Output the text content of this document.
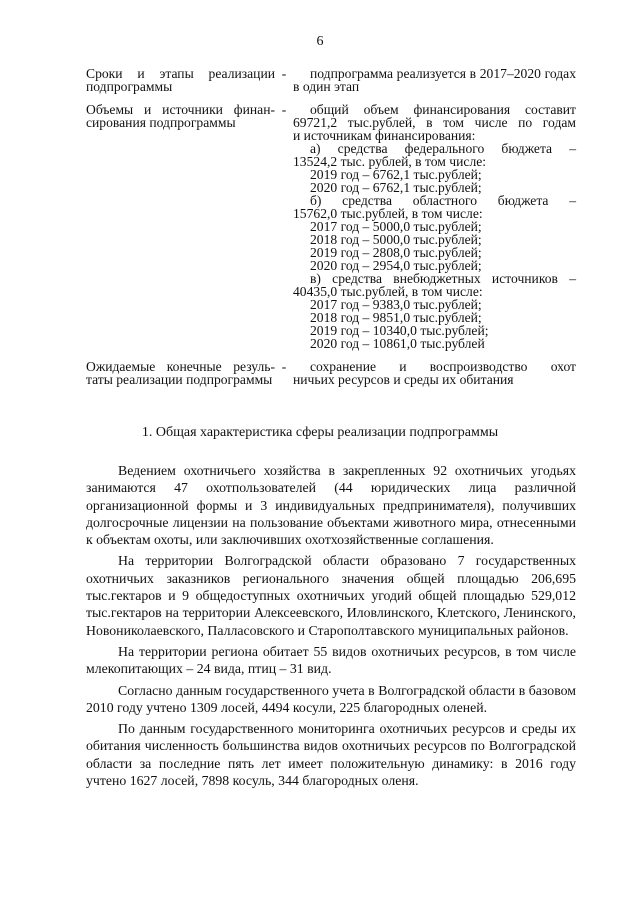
6
Сроки и этапы реализации подпрограммы
-	подпрограмма реализуется в 2017–2020 годах
в один этап
Объемы и источники финансирования подпрограммы
-	общий объем финансирования составит
69721,2 тыс.рублей, в том числе по годам
и источникам финансирования:
а) средства федерального бюджета –
13524,2 тыс. рублей, в том числе:
2019 год – 6762,1 тыс.рублей;
2020 год – 6762,1 тыс.рублей;
б) средства областного бюджета –
15762,0 тыс.рублей, в том числе:
2017 год – 5000,0 тыс.рублей;
2018 год – 5000,0 тыс.рублей;
2019 год – 2808,0 тыс.рублей;
2020 год – 2954,0 тыс.рублей;
в) средства внебюджетных источников –
40435,0 тыс.рублей, в том числе:
2017 год – 9383,0 тыс.рублей;
2018 год – 9851,0 тыс.рублей;
2019 год – 10340,0 тыс.рублей;
2020 год – 10861,0 тыс.рублей
Ожидаемые конечные результаты реализации подпрограммы
-	сохранение и воспроизводство охот
ничьих ресурсов и среды их обитания
1. Общая характеристика сферы реализации подпрограммы

Ведением охотничьего хозяйства в закрепленных 92 охотничьих угодьях занимаются 47 охотпользователей (44 юридических лица различной организационной формы и 3 индивидуальных предпринимателя), получивших долгосрочные лицензии на пользование объектами животного мира, отнесенными к объектам охоты, или заключивших охотхозяйственные соглашения.

На территории Волгоградской области образовано 7 государственных охотничьих заказников регионального значения общей площадью 206,695 тыс.гектаров и 9 общедоступных охотничьих угодий общей площадью 529,012 тыс.гектаров на территории Алексеевского, Иловлинского, Клетского, Ленинского, Новониколаевского, Палласовского и Старополтавского муниципальных районов.

На территории региона обитает 55 видов охотничьих ресурсов, в том числе млекопитающих – 24 вида, птиц – 31 вид.

Согласно данным государственного учета в Волгоградской области в базовом 2010 году учтено 1309 лосей, 4494 косули, 225 благородных оленей.

По данным государственного мониторинга охотничьих ресурсов и среды их обитания численность большинства видов охотничьих ресурсов по Волгоградской области за последние пять лет имеет положительную динамику: в 2016 году учтено 1627 лосей, 7898 косуль, 344 благородных оленя.
